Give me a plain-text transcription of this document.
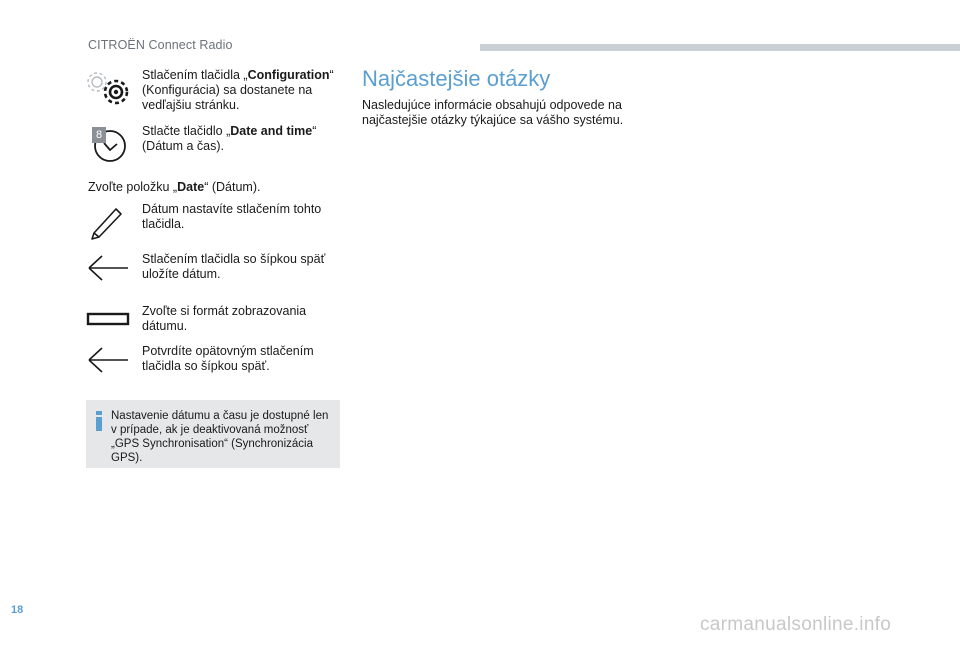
CITROËN Connect Radio
Stlačením tlačidla „Configuration“ (Konfigurácia) sa dostanete na vedľajšiu stránku.
8	Stlačte tlačidlo „Date and time“ (Dátum a čas).
Zvoľte položku „Date“ (Dátum).
Dátum nastavíte stlačením tohto tlačidla.
Stlačením tlačidla so šípkou späť uložíte dátum.
Zvoľte si formát zobrazovania dátumu.
Potvrdíte opätovným stlačením tlačidla so šípkou späť.
Nastavenie dátumu a času je dostupné len v prípade, ak je deaktivovaná možnosť „GPS Synchronisation“ (Synchronizácia GPS).
Najčastejšie otázky
Nasledujúce informácie obsahujú odpovede na najčastejšie otázky týkajúce sa vášho systému.
18
carmanualsonline.info
